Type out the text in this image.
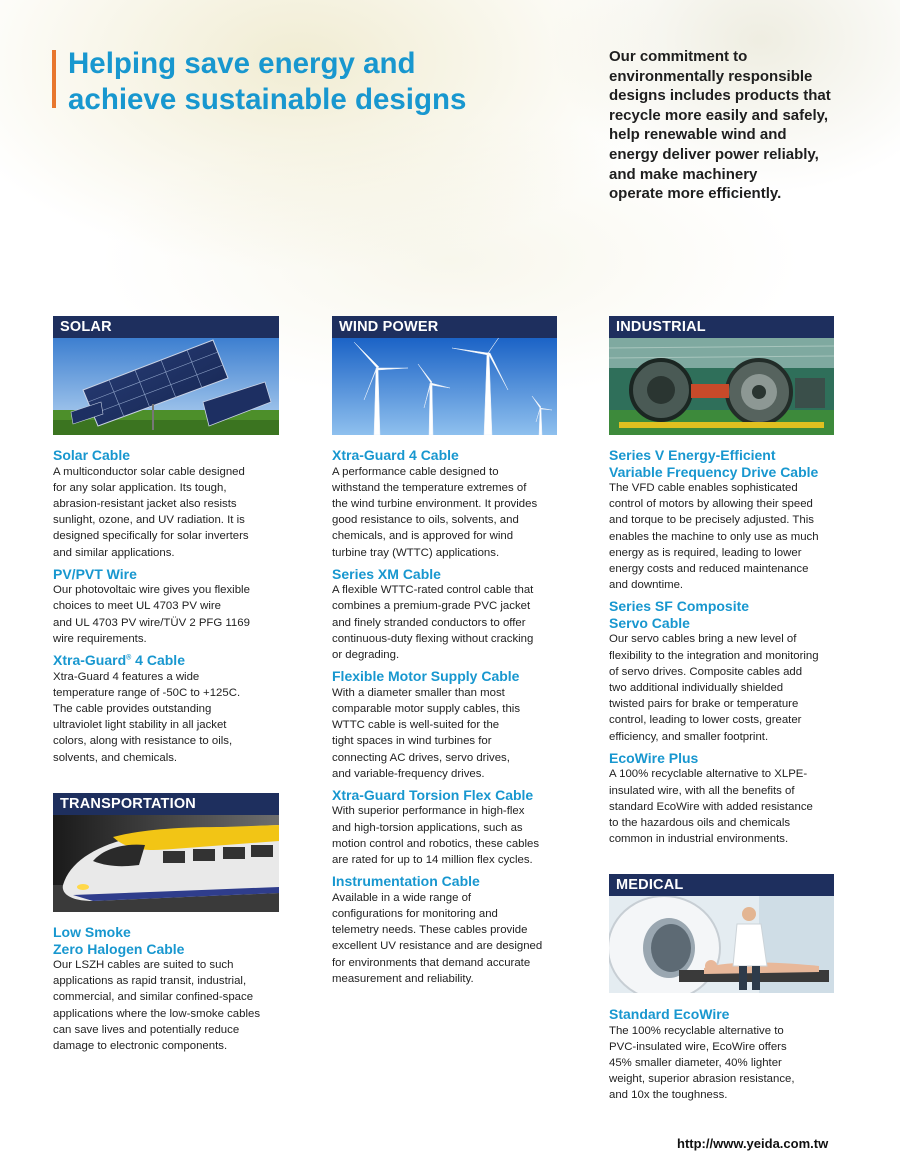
Helping save energy and
achieve sustainable designs
Our commitment to
environmentally responsible
designs includes products that
recycle more easily and safely,
help renewable wind and
energy deliver power reliably,
and make machinery
operate more efficiently.
SOLAR
Solar Cable
A multiconductor solar cable designed
for any solar application. Its tough,
abrasion-resistant jacket also resists
sunlight, ozone, and UV radiation. It is
designed specifically for solar inverters
and similar applications.
PV/PVT Wire
Our photovoltaic wire gives you flexible
choices to meet UL 4703 PV wire
and UL 4703 PV wire/TÜV 2 PFG 1169
wire requirements.
Xtra-Guard® 4 Cable
Xtra-Guard 4 features a wide
temperature range of -50C to +125C.
The cable provides outstanding
ultraviolet light stability in all jacket
colors, along with resistance to oils,
solvents, and chemicals.
TRANSPORTATION
Low Smoke
Zero Halogen Cable
Our LSZH cables are suited to such
applications as rapid transit, industrial,
commercial, and similar confined-space
applications where the low-smoke cables
can save lives and potentially reduce
damage to electronic components.
WIND POWER
Xtra-Guard 4 Cable
A performance cable designed to
withstand the temperature extremes of
the wind turbine environment. It provides
good resistance to oils, solvents, and
chemicals, and is approved for wind
turbine tray (WTTC) applications.
Series XM Cable
A flexible WTTC-rated control cable that
combines a premium-grade PVC jacket
and finely stranded conductors to offer
continuous-duty flexing without cracking
or degrading.
Flexible Motor Supply Cable
With a diameter smaller than most
comparable motor supply cables, this
WTTC cable is well-suited for the
tight spaces in wind turbines for
connecting AC drives, servo drives,
and variable-frequency drives.
Xtra-Guard Torsion Flex Cable
With superior performance in high-flex
and high-torsion applications, such as
motion control and robotics, these cables
are rated for up to 14 million flex cycles.
Instrumentation Cable
Available in a wide range of
configurations for monitoring and
telemetry needs. These cables provide
excellent UV resistance and are designed
for environments that demand accurate
measurement and reliability.
INDUSTRIAL
Series V Energy-Efficient
Variable Frequency Drive Cable
The VFD cable enables sophisticated
control of motors by allowing their speed
and torque to be precisely adjusted. This
enables the machine to only use as much
energy as is required, leading to lower
energy costs and reduced maintenance
and downtime.
Series SF Composite
Servo Cable
Our servo cables bring a new level of
flexibility to the integration and monitoring
of servo drives. Composite cables add
two additional individually shielded
twisted pairs for brake or temperature
control, leading to lower costs, greater
efficiency, and smaller footprint.
EcoWire Plus
A 100% recyclable alternative to XLPE-
insulated wire, with all the benefits of
standard EcoWire with added resistance
to the hazardous oils and chemicals
common in industrial environments.
MEDICAL
Standard EcoWire
The 100% recyclable alternative to
PVC-insulated wire, EcoWire offers
45% smaller diameter, 40% lighter
weight, superior abrasion resistance,
and 10x the toughness.
http://www.yeida.com.tw
